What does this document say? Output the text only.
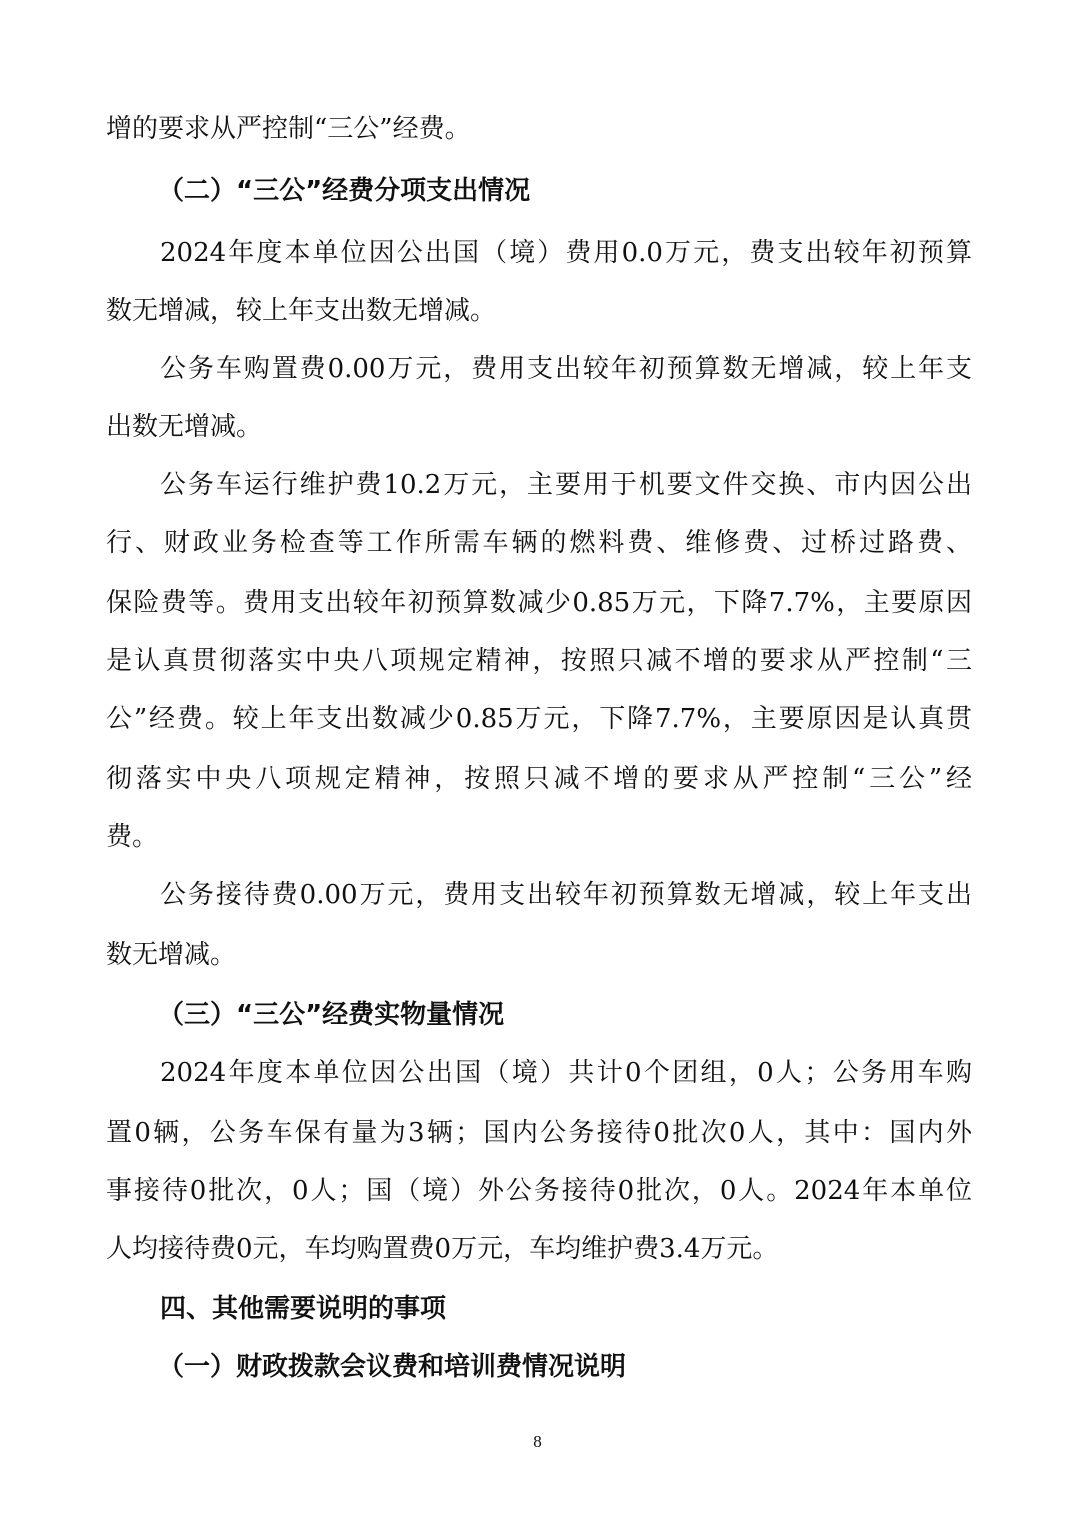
增的要求从严控制“三公”经费。
（二）“三公”经费分项支出情况
2024年度本单位因公出国（境）费用0.0万元，费支出较年初预算
数无增减，较上年支出数无增减。
公务车购置费0.00万元，费用支出较年初预算数无增减，较上年支
出数无增减。
公务车运行维护费10.2万元，主要用于机要文件交换、市内因公出
行、财政业务检查等工作所需车辆的燃料费、维修费、过桥过路费、
保险费等。费用支出较年初预算数减少0.85万元，下降7.7%，主要原因
是认真贯彻落实中央八项规定精神，按照只减不增的要求从严控制“三
公”经费。较上年支出数减少0.85万元，下降7.7%，主要原因是认真贯
彻落实中央八项规定精神，按照只减不增的要求从严控制“三公”经
费。
公务接待费0.00万元，费用支出较年初预算数无增减，较上年支出
数无增减。
（三）“三公”经费实物量情况
2024年度本单位因公出国（境）共计0个团组，0人；公务用车购
置0辆，公务车保有量为3辆；国内公务接待0批次0人，其中：国内外
事接待0批次，0人；国（境）外公务接待0批次，0人。2024年本单位
人均接待费0元，车均购置费0万元，车均维护费3.4万元。
四、其他需要说明的事项
（一）财政拨款会议费和培训费情况说明
8
